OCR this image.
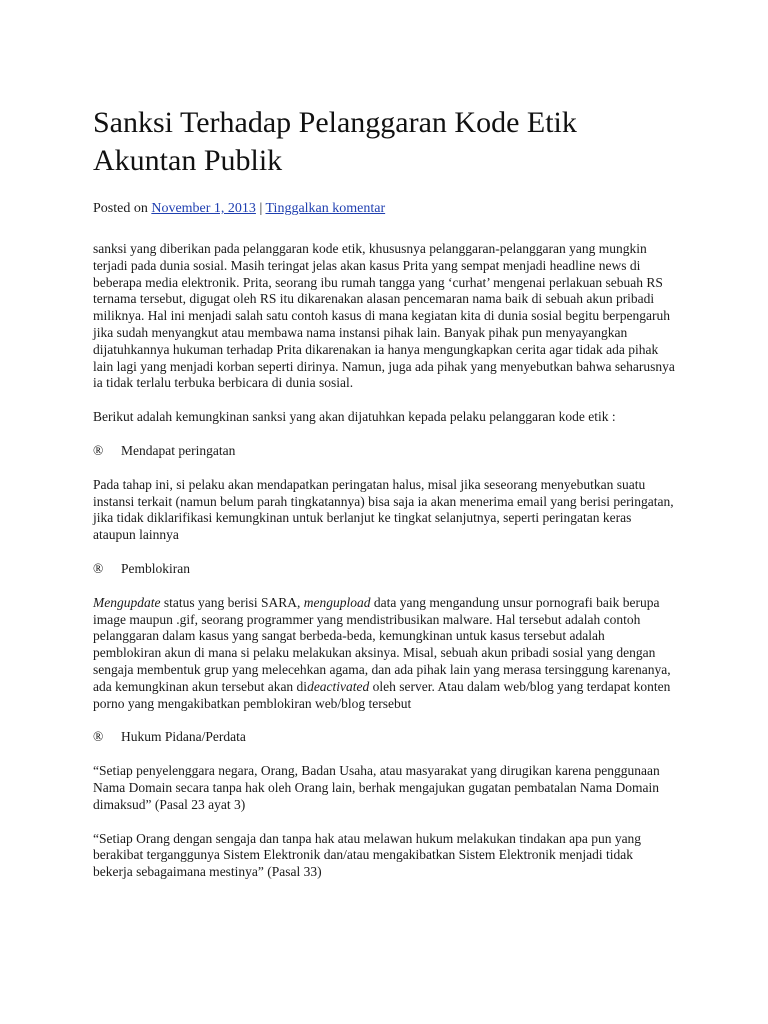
Sanksi Terhadap Pelanggaran Kode Etik Akuntan Publik
Posted on November 1, 2013 | Tinggalkan komentar

sanksi yang diberikan pada pelanggaran kode etik, khususnya pelanggaran-pelanggaran yang mungkin terjadi pada dunia sosial. Masih teringat jelas akan kasus Prita yang sempat menjadi headline news di beberapa media elektronik. Prita, seorang ibu rumah tangga yang ‘curhat’ mengenai perlakuan sebuah RS ternama tersebut, digugat oleh RS itu dikarenakan alasan pencemaran nama baik di sebuah akun pribadi miliknya. Hal ini menjadi salah satu contoh kasus di mana kegiatan kita di dunia sosial begitu berpengaruh jika sudah menyangkut atau membawa nama instansi pihak lain. Banyak pihak pun menyayangkan dijatuhkannya hukuman terhadap Prita dikarenakan ia hanya mengungkapkan cerita agar tidak ada pihak lain lagi yang menjadi korban seperti dirinya. Namun, juga ada pihak yang menyebutkan bahwa seharusnya ia tidak terlalu terbuka berbicara di dunia sosial.

Berikut adalah kemungkinan sanksi yang akan dijatuhkan kepada pelaku pelanggaran kode etik :

®	Mendapat peringatan

Pada tahap ini, si pelaku akan mendapatkan peringatan halus, misal jika seseorang menyebutkan suatu instansi terkait (namun belum parah tingkatannya) bisa saja ia akan menerima email yang berisi peringatan, jika tidak diklarifikasi kemungkinan untuk berlanjut ke tingkat selanjutnya, seperti peringatan keras ataupun lainnya

®	Pemblokiran

Mengupdate status yang berisi SARA, mengupload data yang mengandung unsur pornografi baik berupa image maupun .gif, seorang programmer yang mendistribusikan malware. Hal tersebut adalah contoh pelanggaran dalam kasus yang sangat berbeda-beda, kemungkinan untuk kasus tersebut adalah pemblokiran akun di mana si pelaku melakukan aksinya. Misal, sebuah akun pribadi sosial yang dengan sengaja membentuk grup yang melecehkan agama, dan ada pihak lain yang merasa tersinggung karenanya, ada kemungkinan akun tersebut akan dideactivated oleh server. Atau dalam web/blog yang terdapat konten porno yang mengakibatkan pemblokiran web/blog tersebut

®	Hukum Pidana/Perdata

“Setiap penyelenggara negara, Orang, Badan Usaha, atau masyarakat yang dirugikan karena penggunaan Nama Domain secara tanpa hak oleh Orang lain, berhak mengajukan gugatan pembatalan Nama Domain dimaksud” (Pasal 23 ayat 3)

“Setiap Orang dengan sengaja dan tanpa hak atau melawan hukum melakukan tindakan apa pun yang berakibat terganggunya Sistem Elektronik dan/atau mengakibatkan Sistem Elektronik menjadi tidak bekerja sebagaimana mestinya” (Pasal 33)
